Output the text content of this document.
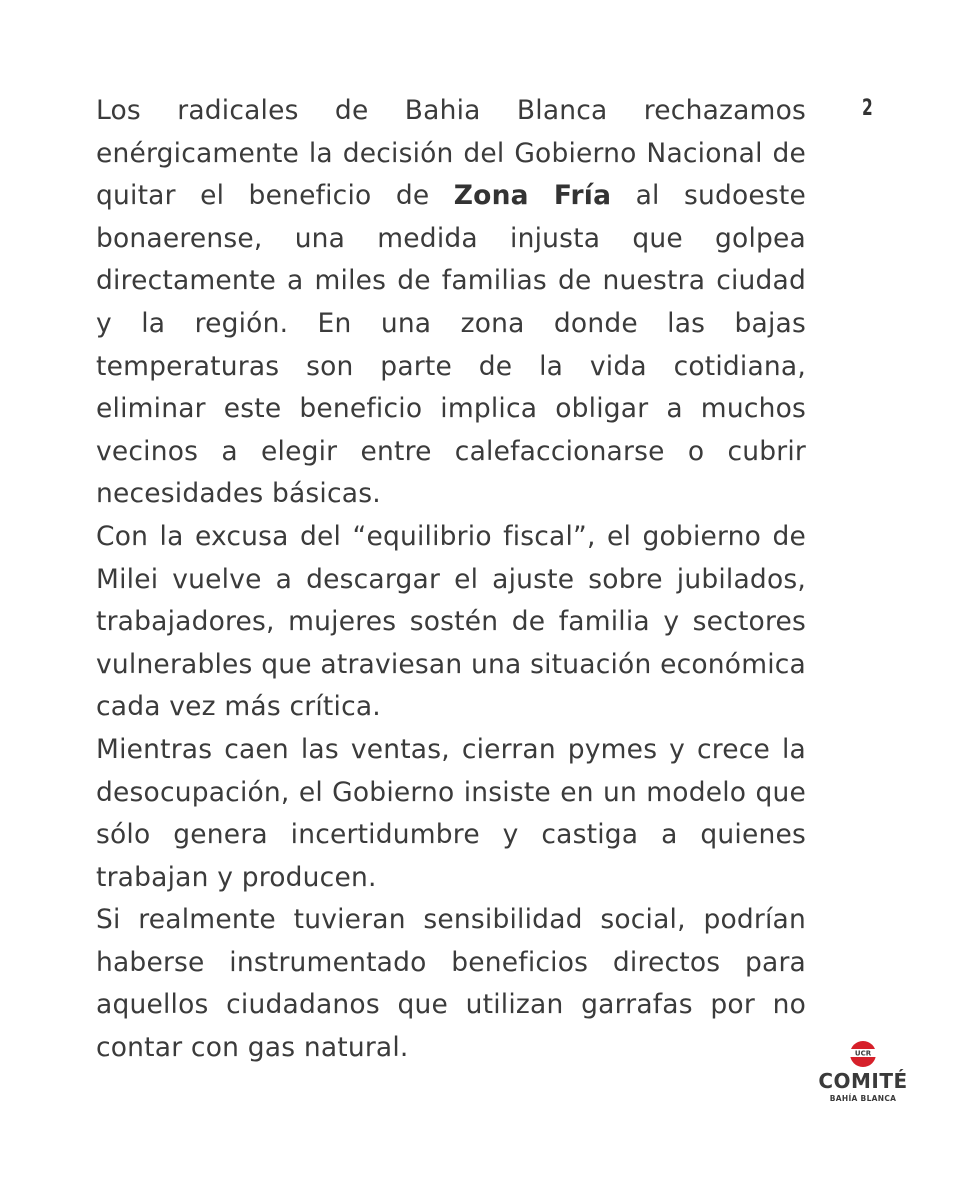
2

Los radicales de Bahia Blanca rechazamos enérgicamente la decisión del Gobierno Nacional de quitar el beneficio de Zona Fría al sudoeste bonaerense, una medida injusta que golpea directamente a miles de familias de nuestra ciudad y la región. En una zona donde las bajas temperaturas son parte de la vida cotidiana, eliminar este beneficio implica obligar a muchos vecinos a elegir entre calefaccionarse o cubrir necesidades básicas.

Con la excusa del “equilibrio fiscal”, el gobierno de Milei vuelve a descargar el ajuste sobre jubilados, trabajadores, mujeres sostén de familia y sectores vulnerables que atraviesan una situación económica cada vez más crítica.

Mientras caen las ventas, cierran pymes y crece la desocupación, el Gobierno insiste en un modelo que sólo genera incertidumbre y castiga a quienes trabajan y producen.

Si realmente tuvieran sensibilidad social, podrían haberse instrumentado beneficios directos para aquellos ciudadanos que utilizan garrafas por no contar con gas natural.	UCR
COMITÉ
BAHÍA BLANCA
